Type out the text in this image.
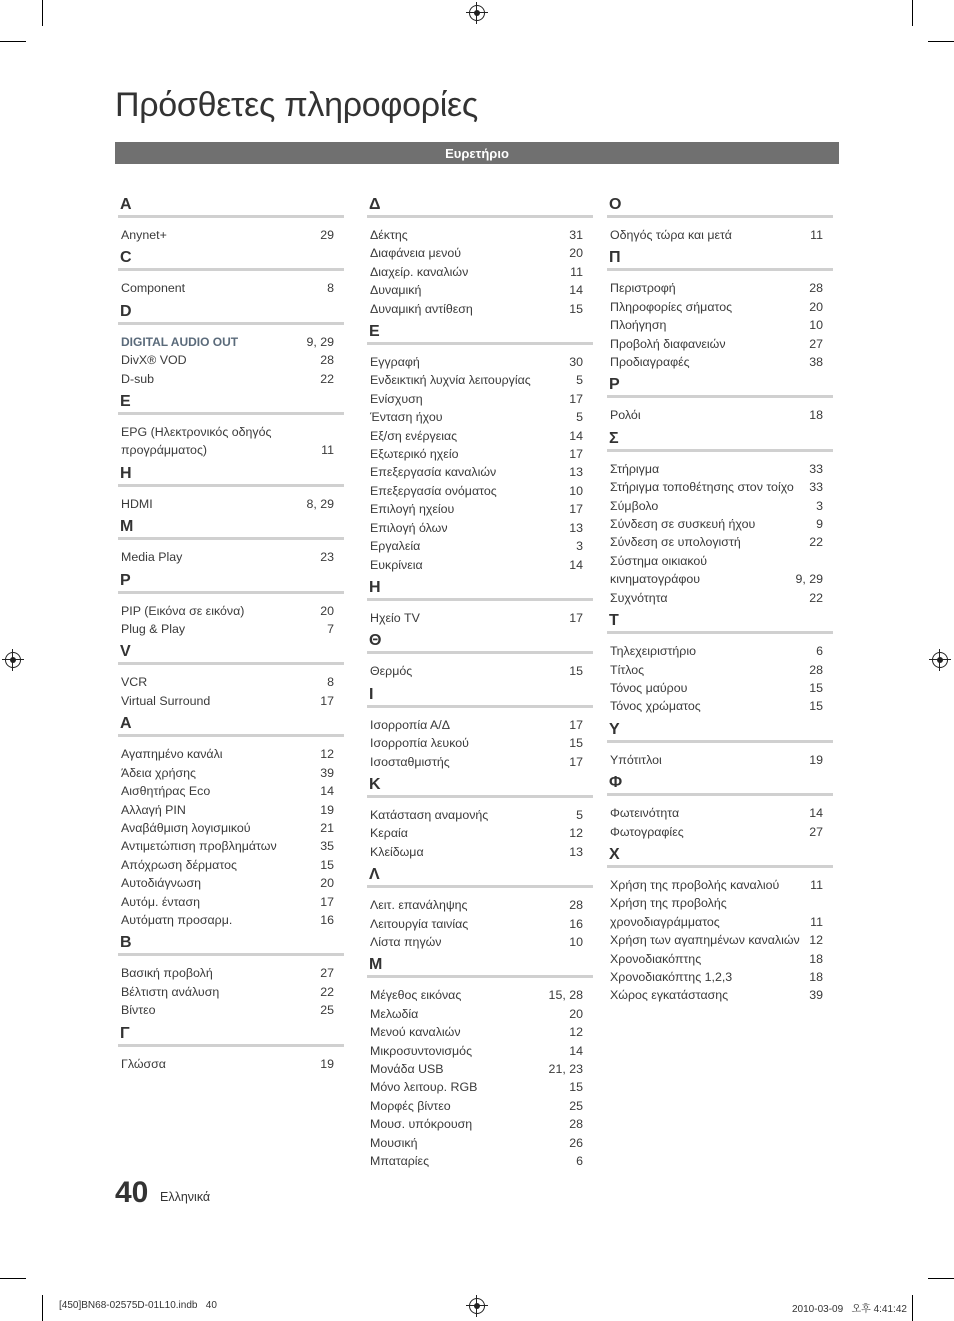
Πρόσθετες πληροφορίες
Ευρετήριο
A
Anynet+	29
C
Component	8
D
DIGITAL AUDIO OUT	9, 29
DivX® VOD	28
D-sub	22
E
EPG (Ηλεκτρονικός οδηγός
προγράμματος)	11
H
HDMI	8, 29
M
Media Play	23
P
PIP (Εικόνα σε εικόνα)	20
Plug & Play	7
V
VCR	8
Virtual Surround	17
Α
Αγαπημένο κανάλι	12
Άδεια χρήσης	39
Αισθητήρας Eco	14
Αλλαγή PIN	19
Αναβάθμιση λογισμικού	21
Αντιμετώπιση προβλημάτων	35
Απόχρωση δέρματος	15
Αυτοδιάγνωση	20
Αυτόμ. ένταση	17
Αυτόματη προσαρμ.	16
Β
Βασική προβολή	27
Βέλτιστη ανάλυση	22
Βίντεο	25
Γ
Γλώσσα	19
Δ
Δέκτης	31
Διαφάνεια μενού	20
Διαχείρ. καναλιών	11
Δυναμική	14
Δυναμική αντίθεση	15
Ε
Εγγραφή	30
Ενδεικτική λυχνία λειτουργίας	5
Ενίσχυση	17
Ένταση ήχου	5
Εξ/ση ενέργειας	14
Εξωτερικό ηχείο	17
Επεξεργασία καναλιών	13
Επεξεργασία ονόματος	10
Επιλογή ηχείου	17
Επιλογή όλων	13
Εργαλεία	3
Ευκρίνεια	14
Η
Ηχείο TV	17
Θ
Θερμός	15
Ι
Ισορροπία Α/Δ	17
Ισορροπία λευκού	15
Ισοσταθμιστής	17
Κ
Κατάσταση αναμονής	5
Κεραία	12
Κλείδωμα	13
Λ
Λειτ. επανάληψης	28
Λειτουργία ταινίας	16
Λίστα πηγών	10
Μ
Μέγεθος εικόνας	15, 28
Μελωδία	20
Μενού καναλιών	12
Μικροσυντονισμός	14
Μονάδα USB	21, 23
Μόνο λειτουρ. RGB	15
Μορφές βίντεο	25
Μουσ. υπόκρουση	28
Μουσική	26
Μπαταρίες	6
Ο
Οδηγός τώρα και μετά	11
Π
Περιστροφή	28
Πληροφορίες σήματος	20
Πλοήγηση	10
Προβολή διαφανειών	27
Προδιαγραφές	38
Ρ
Ρολόι	18
Σ
Στήριγμα	33
Στήριγμα τοποθέτησης στον τοίχο 33
Σύμβολο	3
Σύνδεση σε συσκευή ήχου	9
Σύνδεση σε υπολογιστή	22
Σύστημα οικιακού
κινηματογράφου	9, 29
Συχνότητα	22
Τ
Τηλεχειριστήριο	6
Τίτλος	28
Τόνος μαύρου	15
Τόνος χρώματος	15
Υ
Υπότιτλοι	19
Φ
Φωτεινότητα	14
Φωτογραφίες	27
Χ
Χρήση της προβολής καναλιού 11
Χρήση της προβολής
χρονοδιαγράμματος	11
Χρήση των αγαπημένων καναλιών 12
Χρονοδιακόπτης	18
Χρονοδιακόπτης 1,2,3	18
Χώρος εγκατάστασης	39
40 Ελληνικά
[450]BN68-02575D-01L10.indb   40	2010-03-09   오후 4:41:42
